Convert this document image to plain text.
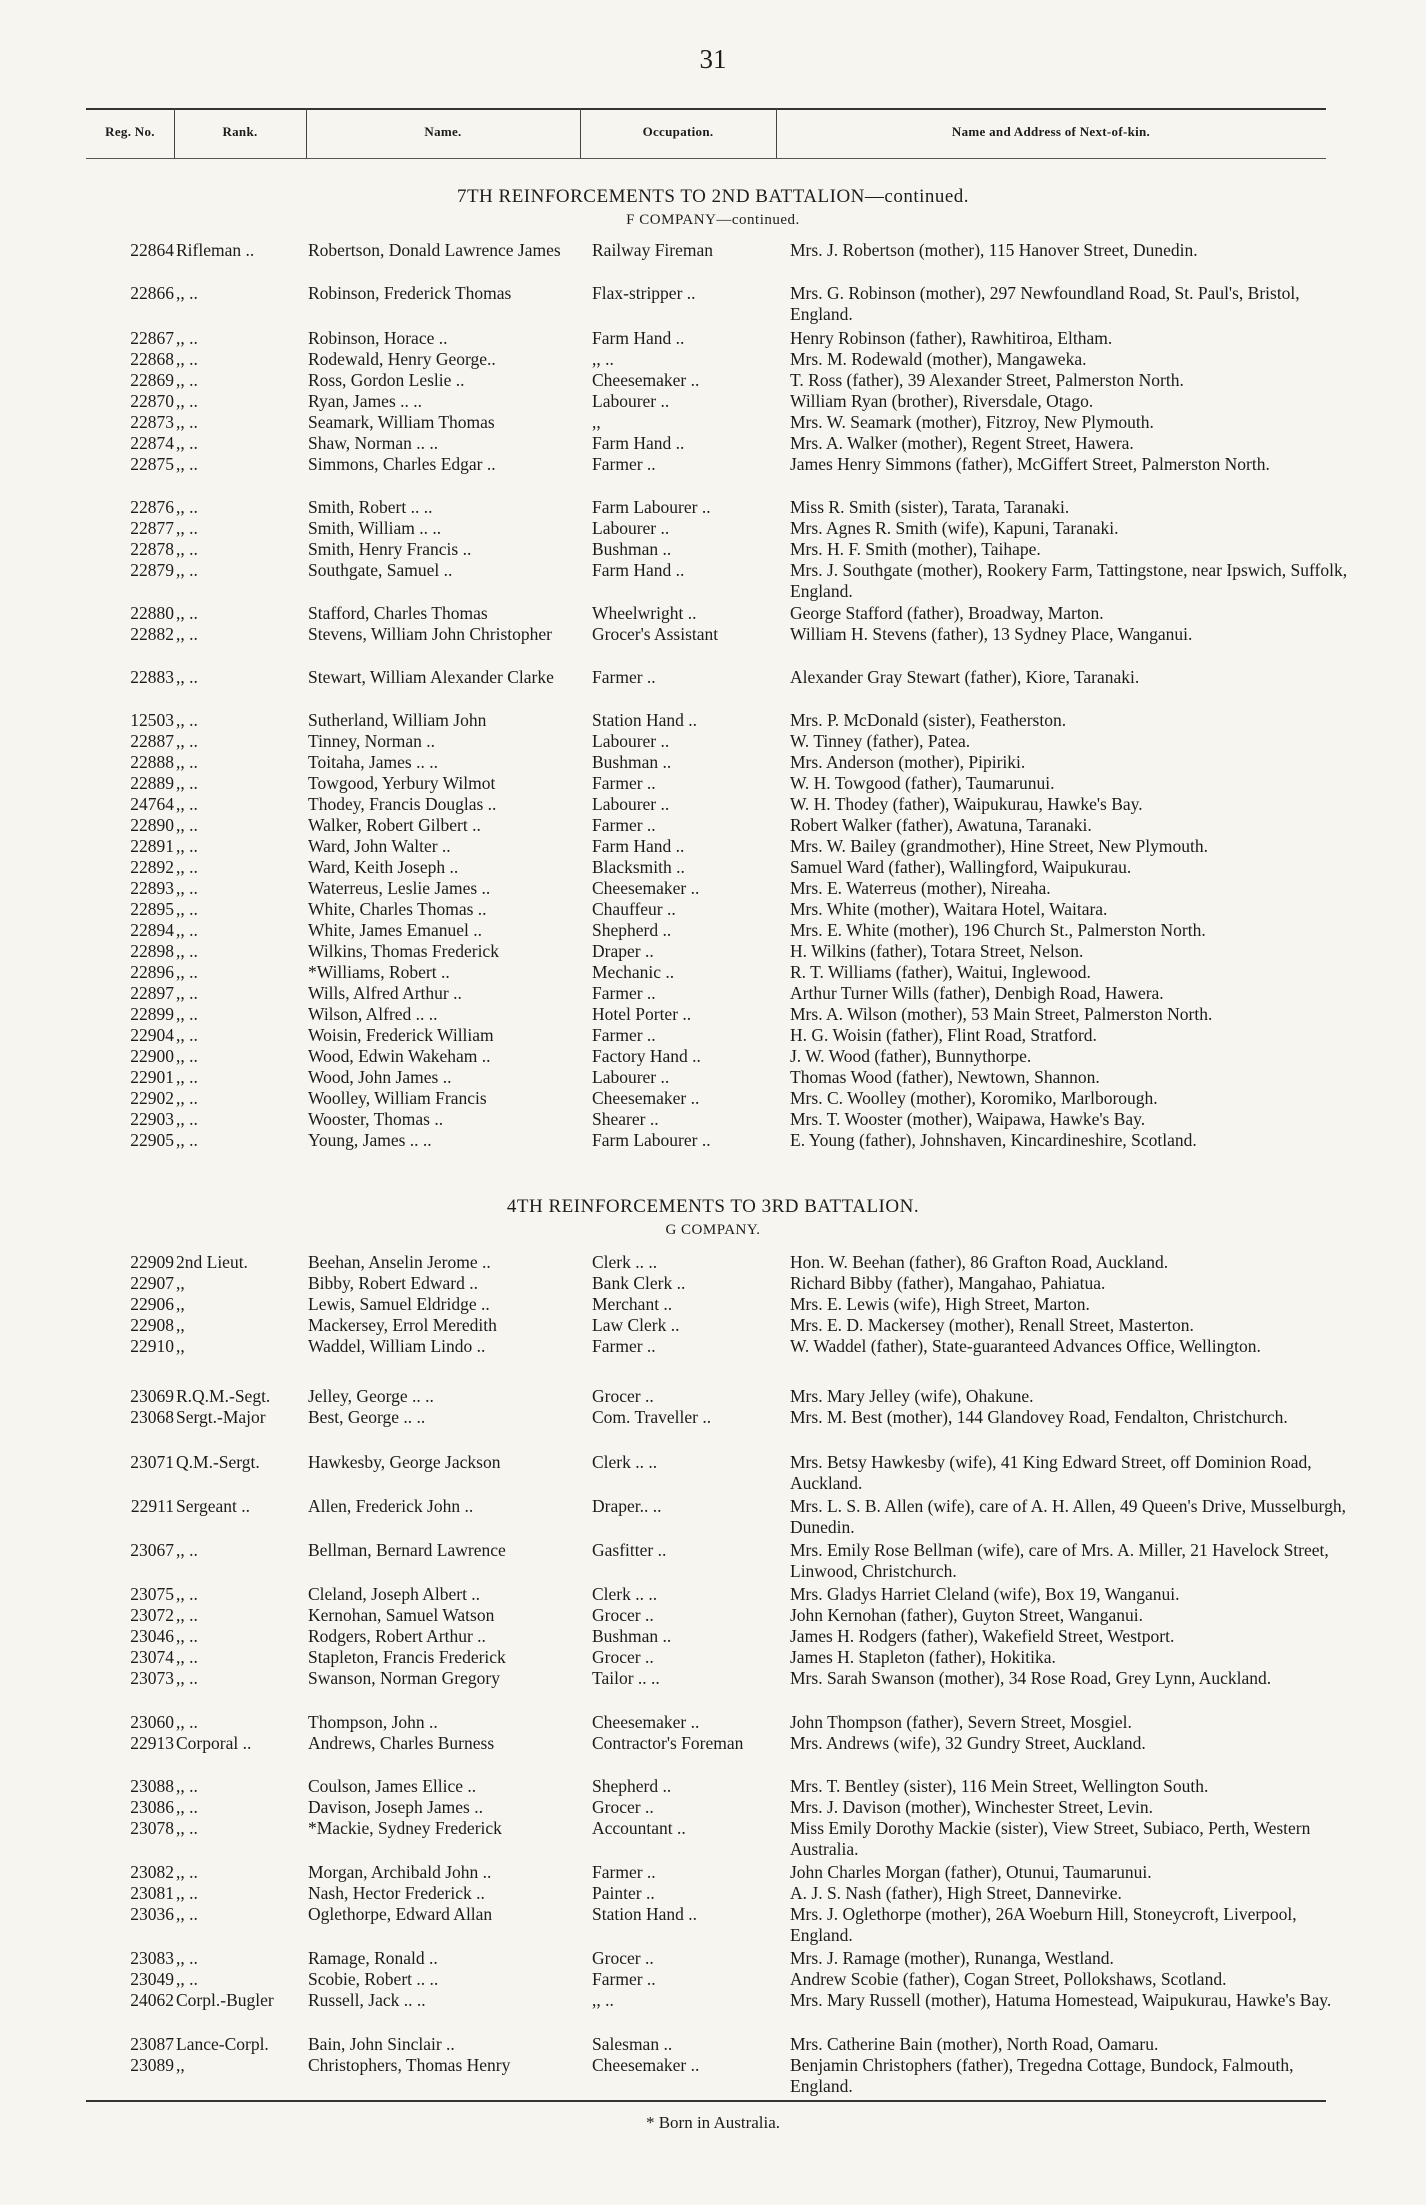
31
Reg. No.	Rank.	Name.	Occupation.	Name and Address of Next-of-kin.
7TH REINFORCEMENTS TO 2ND BATTALION—continued.
F COMPANY—continued.
22864 Rifleman ..	Robertson, Donald Lawrence James	Railway Fireman	Mrs. J. Robertson (mother), 115 Hanover Street, Dunedin.
22866 ,, ..	Robinson, Frederick Thomas	Flax-stripper ..	Mrs. G. Robinson (mother), 297 Newfoundland Road, St. Paul's, Bristol, England.
22867 ,, ..	Robinson, Horace ..	Farm Hand ..	Henry Robinson (father), Rawhitiroa, Eltham.
22868 ,, ..	Rodewald, Henry George..	,, ..	Mrs. M. Rodewald (mother), Mangaweka.
22869 ,, ..	Ross, Gordon Leslie ..	Cheesemaker ..	T. Ross (father), 39 Alexander Street, Palmerston North.
22870 ,, ..	Ryan, James .. ..	Labourer ..	William Ryan (brother), Riversdale, Otago.
22873 ,, ..	Seamark, William Thomas	,,	Mrs. W. Seamark (mother), Fitzroy, New Plymouth.
22874 ,, ..	Shaw, Norman .. ..	Farm Hand ..	Mrs. A. Walker (mother), Regent Street, Hawera.
22875 ,, ..	Simmons, Charles Edgar ..	Farmer ..	James Henry Simmons (father), McGiffert Street, Palmerston North.
22876 ,, ..	Smith, Robert .. ..	Farm Labourer ..	Miss R. Smith (sister), Tarata, Taranaki.
22877 ,, ..	Smith, William .. ..	Labourer ..	Mrs. Agnes R. Smith (wife), Kapuni, Taranaki.
22878 ,, ..	Smith, Henry Francis ..	Bushman ..	Mrs. H. F. Smith (mother), Taihape.
22879 ,, ..	Southgate, Samuel ..	Farm Hand ..	Mrs. J. Southgate (mother), Rookery Farm, Tattingstone, near Ipswich, Suffolk, England.
22880 ,, ..	Stafford, Charles Thomas	Wheelwright ..	George Stafford (father), Broadway, Marton.
22882 ,, ..	Stevens, William John Christopher	Grocer's Assistant	William H. Stevens (father), 13 Sydney Place, Wanganui.
22883 ,, ..	Stewart, William Alexander Clarke	Farmer ..	Alexander Gray Stewart (father), Kiore, Taranaki.
12503 ,, ..	Sutherland, William John	Station Hand ..	Mrs. P. McDonald (sister), Featherston.
22887 ,, ..	Tinney, Norman ..	Labourer ..	W. Tinney (father), Patea.
22888 ,, ..	Toitaha, James .. ..	Bushman ..	Mrs. Anderson (mother), Pipiriki.
22889 ,, ..	Towgood, Yerbury Wilmot	Farmer ..	W. H. Towgood (father), Taumarunui.
24764 ,, ..	Thodey, Francis Douglas ..	Labourer ..	W. H. Thodey (father), Waipukurau, Hawke's Bay.
22890 ,, ..	Walker, Robert Gilbert ..	Farmer ..	Robert Walker (father), Awatuna, Taranaki.
22891 ,, ..	Ward, John Walter ..	Farm Hand ..	Mrs. W. Bailey (grandmother), Hine Street, New Plymouth.
22892 ,, ..	Ward, Keith Joseph ..	Blacksmith ..	Samuel Ward (father), Wallingford, Waipukurau.
22893 ,, ..	Waterreus, Leslie James ..	Cheesemaker ..	Mrs. E. Waterreus (mother), Nireaha.
22895 ,, ..	White, Charles Thomas ..	Chauffeur ..	Mrs. White (mother), Waitara Hotel, Waitara.
22894 ,, ..	White, James Emanuel ..	Shepherd ..	Mrs. E. White (mother), 196 Church St., Palmerston North.
22898 ,, ..	Wilkins, Thomas Frederick	Draper ..	H. Wilkins (father), Totara Street, Nelson.
22896 ,, ..	*Williams, Robert ..	Mechanic ..	R. T. Williams (father), Waitui, Inglewood.
22897 ,, ..	Wills, Alfred Arthur ..	Farmer ..	Arthur Turner Wills (father), Denbigh Road, Hawera.
22899 ,, ..	Wilson, Alfred .. ..	Hotel Porter ..	Mrs. A. Wilson (mother), 53 Main Street, Palmerston North.
22904 ,, ..	Woisin, Frederick William	Farmer ..	H. G. Woisin (father), Flint Road, Stratford.
22900 ,, ..	Wood, Edwin Wakeham ..	Factory Hand ..	J. W. Wood (father), Bunnythorpe.
22901 ,, ..	Wood, John James ..	Labourer ..	Thomas Wood (father), Newtown, Shannon.
22902 ,, ..	Woolley, William Francis	Cheesemaker ..	Mrs. C. Woolley (mother), Koromiko, Marlborough.
22903 ,, ..	Wooster, Thomas ..	Shearer ..	Mrs. T. Wooster (mother), Waipawa, Hawke's Bay.
22905 ,, ..	Young, James .. ..	Farm Labourer ..	E. Young (father), Johnshaven, Kincardineshire, Scotland.
4TH REINFORCEMENTS TO 3RD BATTALION.
G COMPANY.
22909 2nd Lieut.	Beehan, Anselin Jerome ..	Clerk .. ..	Hon. W. Beehan (father), 86 Grafton Road, Auckland.
22907 ,,	Bibby, Robert Edward ..	Bank Clerk ..	Richard Bibby (father), Mangahao, Pahiatua.
22906 ,,	Lewis, Samuel Eldridge ..	Merchant ..	Mrs. E. Lewis (wife), High Street, Marton.
22908 ,,	Mackersey, Errol Meredith	Law Clerk ..	Mrs. E. D. Mackersey (mother), Renall Street, Masterton.
22910 ,,	Waddel, William Lindo ..	Farmer ..	W. Waddel (father), State-guaranteed Advances Office, Wellington.
23069 R.Q.M.-Segt.	Jelley, George .. ..	Grocer ..	Mrs. Mary Jelley (wife), Ohakune.
23068 Sergt.-Major	Best, George .. ..	Com. Traveller ..	Mrs. M. Best (mother), 144 Glandovey Road, Fendalton, Christchurch.
23071 Q.M.-Sergt.	Hawkesby, George Jackson	Clerk .. ..	Mrs. Betsy Hawkesby (wife), 41 King Edward Street, off Dominion Road, Auckland.
22911 Sergeant ..	Allen, Frederick John ..	Draper.. ..	Mrs. L. S. B. Allen (wife), care of A. H. Allen, 49 Queen's Drive, Musselburgh, Dunedin.
23067 ,, ..	Bellman, Bernard Lawrence	Gasfitter ..	Mrs. Emily Rose Bellman (wife), care of Mrs. A. Miller, 21 Havelock Street, Linwood, Christchurch.
23075 ,, ..	Cleland, Joseph Albert ..	Clerk .. ..	Mrs. Gladys Harriet Cleland (wife), Box 19, Wanganui.
23072 ,, ..	Kernohan, Samuel Watson	Grocer ..	John Kernohan (father), Guyton Street, Wanganui.
23046 ,, ..	Rodgers, Robert Arthur ..	Bushman ..	James H. Rodgers (father), Wakefield Street, Westport.
23074 ,, ..	Stapleton, Francis Frederick	Grocer ..	James H. Stapleton (father), Hokitika.
23073 ,, ..	Swanson, Norman Gregory	Tailor .. ..	Mrs. Sarah Swanson (mother), 34 Rose Road, Grey Lynn, Auckland.
23060 ,, ..	Thompson, John ..	Cheesemaker ..	John Thompson (father), Severn Street, Mosgiel.
22913 Corporal ..	Andrews, Charles Burness	Contractor's Foreman	Mrs. Andrews (wife), 32 Gundry Street, Auckland.
23088 ,, ..	Coulson, James Ellice ..	Shepherd ..	Mrs. T. Bentley (sister), 116 Mein Street, Wellington South.
23086 ,, ..	Davison, Joseph James ..	Grocer ..	Mrs. J. Davison (mother), Winchester Street, Levin.
23078 ,, ..	*Mackie, Sydney Frederick	Accountant ..	Miss Emily Dorothy Mackie (sister), View Street, Subiaco, Perth, Western Australia.
23082 ,, ..	Morgan, Archibald John ..	Farmer ..	John Charles Morgan (father), Otunui, Taumarunui.
23081 ,, ..	Nash, Hector Frederick ..	Painter ..	A. J. S. Nash (father), High Street, Dannevirke.
23036 ,, ..	Oglethorpe, Edward Allan	Station Hand ..	Mrs. J. Oglethorpe (mother), 26A Woeburn Hill, Stoneycroft, Liverpool, England.
23083 ,, ..	Ramage, Ronald ..	Grocer ..	Mrs. J. Ramage (mother), Runanga, Westland.
23049 ,, ..	Scobie, Robert .. ..	Farmer ..	Andrew Scobie (father), Cogan Street, Pollokshaws, Scotland.
24062 Corpl.-Bugler	Russell, Jack .. ..	,, ..	Mrs. Mary Russell (mother), Hatuma Homestead, Waipukurau, Hawke's Bay.
23087 Lance-Corpl.	Bain, John Sinclair ..	Salesman ..	Mrs. Catherine Bain (mother), North Road, Oamaru.
23089 ,,	Christophers, Thomas Henry	Cheesemaker ..	Benjamin Christophers (father), Tregedna Cottage, Bundock, Falmouth, England.
* Born in Australia.
